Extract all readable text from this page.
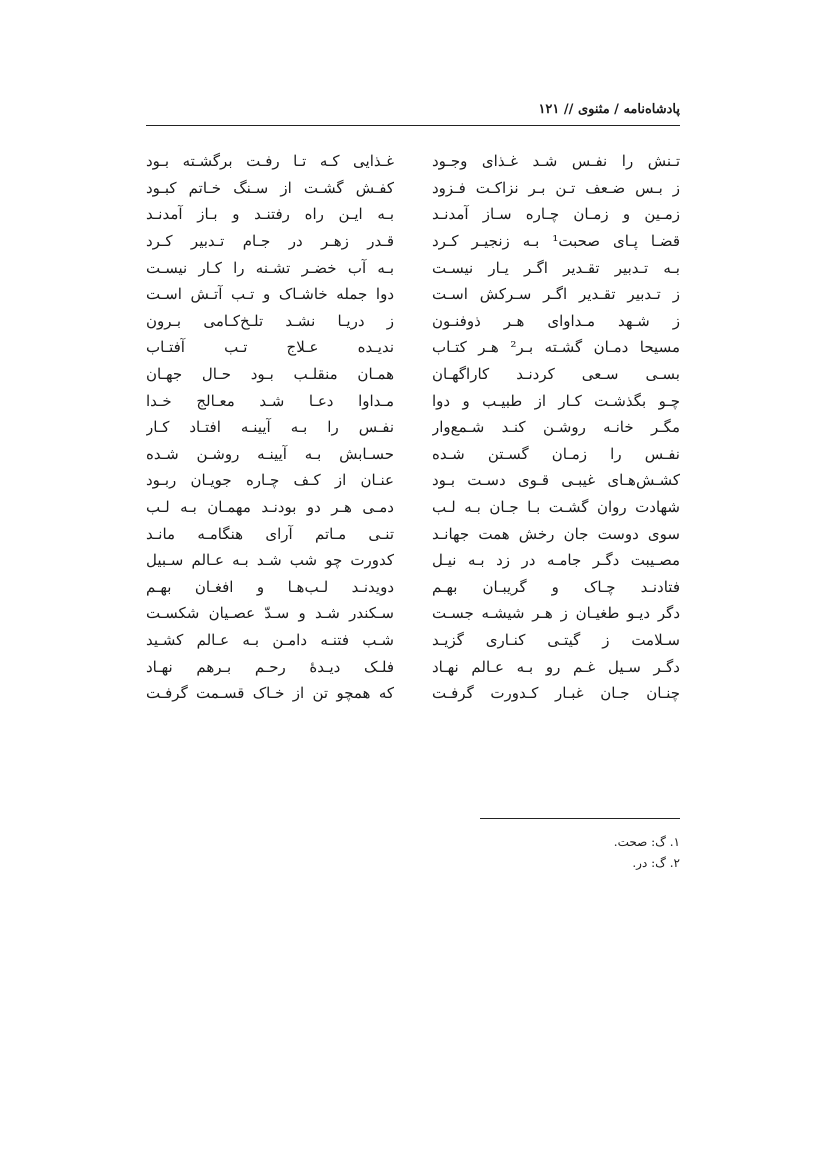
پادشاه‌نامه / مثنوی // ۱۲۱
تـنش را نفـس شـد غـذای وجـود
غـذایی کـه تـا رفـت برگشـته بـود
ز بـس ضـعف تـن بـر نزاکـت فـزود
کفـش گشـت از سـنگ خـاتم کبـود
زمـین و زمـان چـاره سـاز آمدنـد
بـه ایـن راه رفتنـد و بـاز آمدنـد
قضـا پـای صحبت¹ بـه زنجیـر کـرد
قـدر زهـر در جـام تـدبیر کـرد
بـه تـدبیر تقـدیر اگـر یـار نیسـت
بـه آب خضـر تشـنه را کـار نیسـت
ز تـدبیر تقـدیر اگـر سـرکش اسـت
دوا جمله خاشـاک و تـب آتـش اسـت
ز شـهد مـداوای هـر ذوفنـون
ز دریـا نشـد تلـخ‌کـامی بـرون
مسیحا دمـان گشـته بـر² هـر کتـاب
ندیـده عـلاج تـب آفتـاب
بسـی سـعی کردنـد کاراگهـان
همـان منقلـب بـود حـال جهـان
چـو بگذشـت کـار از طبیـب و دوا
مـداوا دعـا شـد معـالج خـدا
مگـر خانـه روشـن کنـد شـمع‌وار
نفـس را بـه آیینـه افتـاد کـار
نفـس را زمـان گسـتن شـده
حسـابش بـه آیینـه روشـن شـده
کشـش‌هـای غیبـی قـوی دسـت بـود
عنـان از کـف چـاره جویـان ربـود
شهادت روان گشـت بـا جـان بـه لـب
دمـی هـر دو بودنـد مهمـان بـه لـب
سوی دوست جان رخش همت جهانـد
تنـی مـاتم آرای هنگامـه مانـد
مصـیبت دگـر جامـه در زد بـه نیـل
کدورت چو شب شـد بـه عـالم سـبیل
فتادنـد چـاک و گریبـان بهـم
دویدنـد لـب‌هـا و افغـان بهـم
دگر دیـو طغیـان ز هـر شیشـه جسـت
سـکندر شـد و سـدّ عصـیان شکسـت
سـلامت ز گیتـی کنـاری گزیـد
شـب فتنـه دامـن بـه عـالم کشـید
دگـر سـیل غـم رو بـه عـالم نهـاد
فلـک دیـدهٔ رحـم بـرهم نهـاد
چنـان جـان غبـار کـدورت گرفـت
که همچو تن از خـاک قسـمت گرفـت
۱. گ: صحت.
۲. گ: در.
